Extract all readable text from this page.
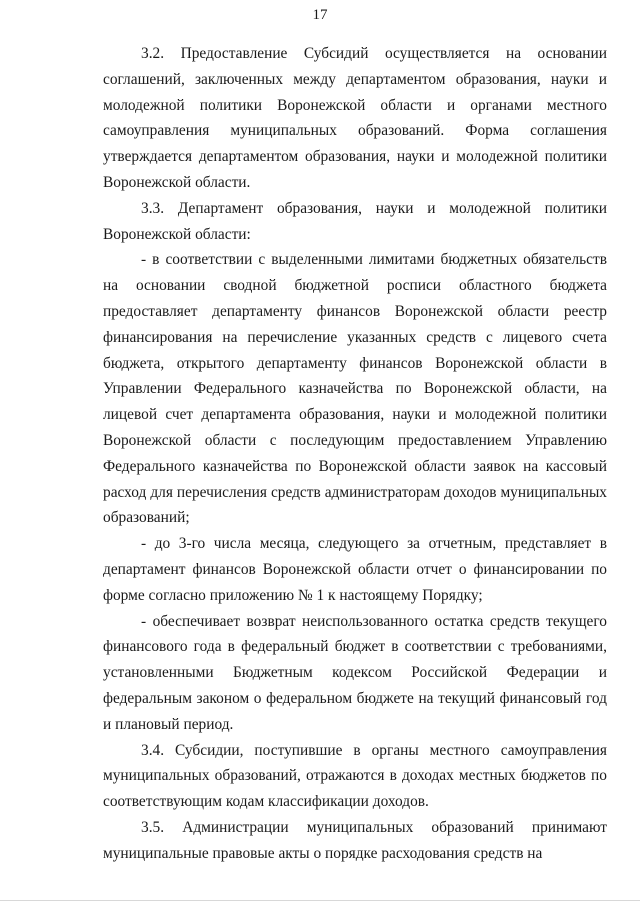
17

3.2. Предоставление Субсидий осуществляется на основании соглашений, заключенных между департаментом образования, науки и молодежной политики Воронежской области и органами местного самоуправления муниципальных образований. Форма соглашения утверждается департаментом образования, науки и молодежной политики Воронежской области.

3.3. Департамент образования, науки и молодежной политики Воронежской области:

- в соответствии с выделенными лимитами бюджетных обязательств на основании сводной бюджетной росписи областного бюджета предоставляет департаменту финансов Воронежской области реестр финансирования на перечисление указанных средств с лицевого счета бюджета, открытого департаменту финансов Воронежской области в Управлении Федерального казначейства по Воронежской области, на лицевой счет департамента образования, науки и молодежной политики Воронежской области с последующим предоставлением Управлению Федерального казначейства по Воронежской области заявок на кассовый расход для перечисления средств администраторам доходов муниципальных образований;

- до 3-го числа месяца, следующего за отчетным, представляет в департамент финансов Воронежской области отчет о финансировании по форме согласно приложению № 1 к настоящему Порядку;

- обеспечивает возврат неиспользованного остатка средств текущего финансового года в федеральный бюджет в соответствии с требованиями, установленными Бюджетным кодексом Российской Федерации и федеральным законом о федеральном бюджете на текущий финансовый год и плановый период.

3.4. Субсидии, поступившие в органы местного самоуправления муниципальных образований, отражаются в доходах местных бюджетов по соответствующим кодам классификации доходов.

3.5. Администрации муниципальных образований принимают муниципальные правовые акты о порядке расходования средств на
